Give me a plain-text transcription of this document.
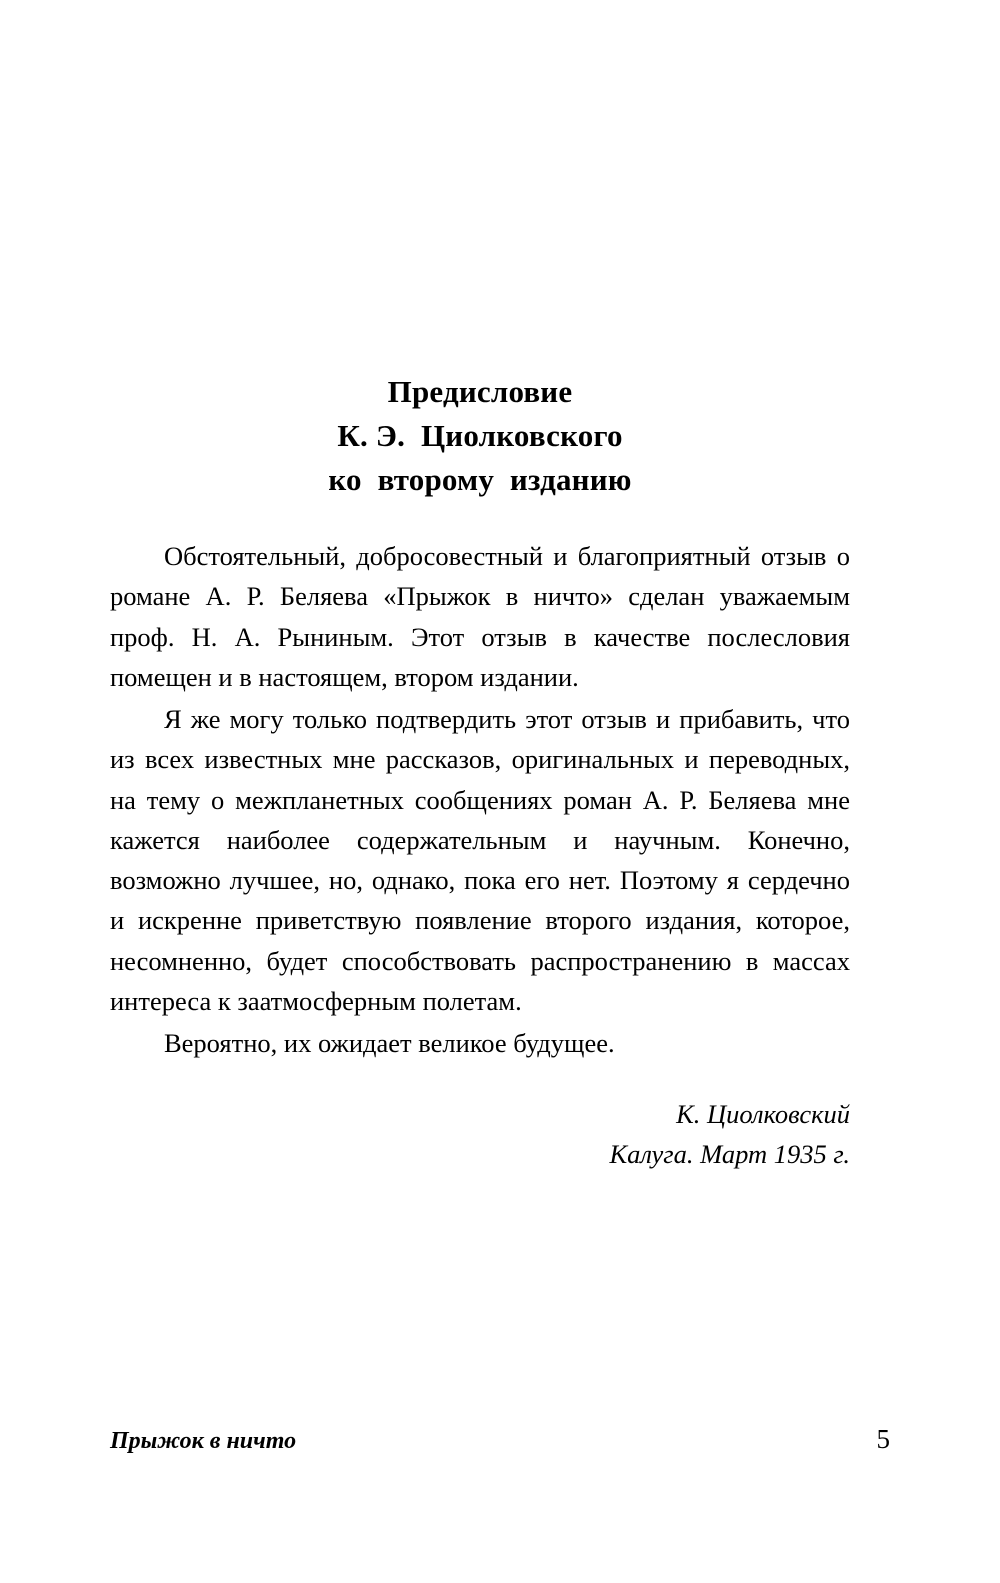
Предисловие
К. Э.  Циолковского
ко  второму  изданию

Обстоятельный, добросовестный и благоприятный отзыв о романе А. Р. Беляева «Прыжок в ничто» сделан уважаемым проф. Н. А. Рыниным. Этот отзыв в качестве послесловия помещен и в настоящем, втором издании.

Я же могу только подтвердить этот отзыв и прибавить, что из всех известных мне рассказов, оригинальных и переводных, на тему о межпланетных сообщениях роман А. Р. Беляева мне кажется наиболее содержательным и научным. Конечно, возможно лучшее, но, однако, пока его нет. Поэтому я сердечно и искренне приветствую появление второго издания, которое, несомненно, будет способствовать распространению в массах интереса к заатмосферным полетам.

Вероятно, их ожидает великое будущее.

К. Циолковский
Калуга. Март 1935 г.
Прыжок в ничто	5
